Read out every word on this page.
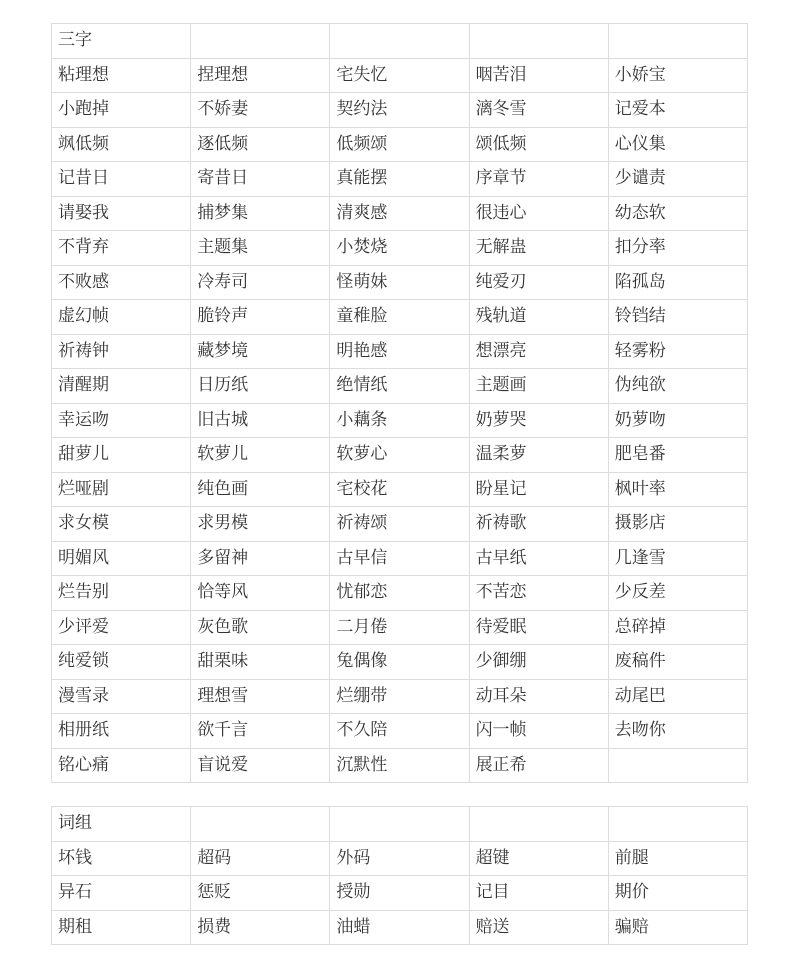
三字				
粘理想	捏理想	宅失忆	咽苦泪	小娇宝
小跑掉	不娇妻	契约法	漓冬雪	记爱本
飒低频	逐低频	低频颂	颂低频	心仪集
记昔日	寄昔日	真能摆	序章节	少谴责
请娶我	捕梦集	清爽感	很违心	幼态软
不背弃	主题集	小焚烧	无解蛊	扣分率
不败感	冷寿司	怪萌妹	纯爱刃	陷孤岛
虚幻帧	脆铃声	童稚脸	残轨道	铃铛结
祈祷钟	藏梦境	明艳感	想漂亮	轻雾粉
清醒期	日历纸	绝情纸	主题画	伪纯欲
幸运吻	旧古城	小藕条	奶萝哭	奶萝吻
甜萝儿	软萝儿	软萝心	温柔萝	肥皂番
烂哑剧	纯色画	宅校花	盼星记	枫叶率
求女模	求男模	祈祷颂	祈祷歌	摄影店
明媚风	多留神	古早信	古早纸	几逢雪
烂告别	恰等风	忧郁恋	不苦恋	少反差
少评爱	灰色歌	二月倦	待爱眠	总碎掉
纯爱锁	甜栗味	兔偶像	少御绷	废稿件
漫雪录	理想雪	烂绷带	动耳朵	动尾巴
相册纸	欲千言	不久陪	闪一帧	去吻你
铭心痛	盲说爱	沉默性	展正希	
词组				
坏钱	超码	外码	超键	前腿
异石	惩贬	授勋	记目	期价
期租	损费	油蜡	赔送	骗赔
